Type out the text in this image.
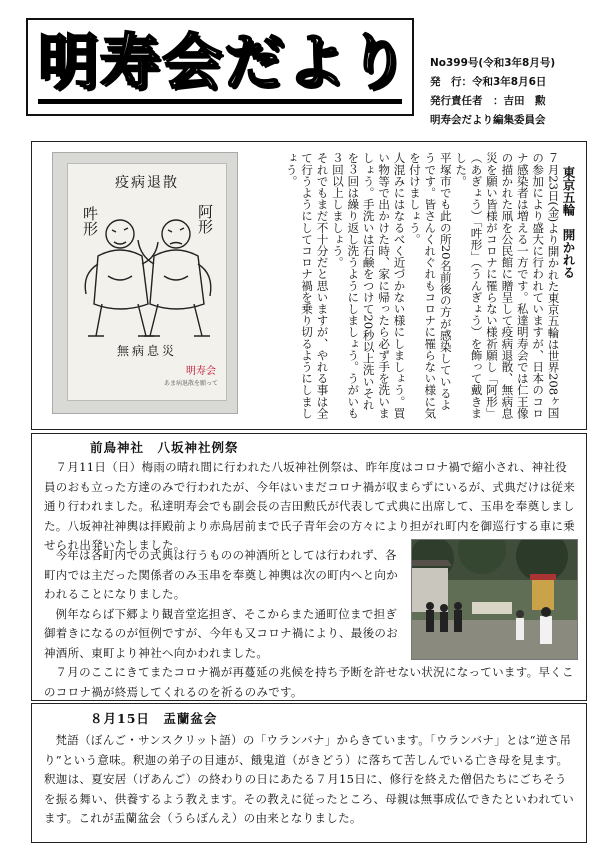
明寿会だより No399号(令和3年8月号)
発　行：令和3年8月6日
発行責任者　：吉田　勲
明寿会だより編集委員会
疫病退散
吽形	阿形
無病息災
明寿会
あま病退散を願って

東京五輪　開かれる

７月23日(金)より開かれた東京五輪は世界208ヶ国の参加により盛大に行われていますが、日本のコロナ感染者は増える一方です。私達明寿会では仁王像の描かれた凧を公民館に贈呈して疫病退散、無病息災を願い皆様がコロナに罹らない様祈願し「阿形」（あぎょう）「吽形」（うんぎょう）を飾って戴きました。

平塚市でも此の所20名前後の方が感染しているようです。皆さんくれぐれもコロナに罹らない様に気を付けましょう。

人混みにはなるべく近づかない様にしましょう。買い物等で出かけた時、家に帰ったら必ず手を洗いましょう。手洗いは石鹸をつけて20秒以上洗いそれを３回は繰り返し洗うようにしましょう。うがいも３回以上しましょう。

それでもまだ不十分だと思いますが、やれる事は全て行うようにしてコロナ禍を乗り切るようにしましょう。

前鳥神社　八坂神社例祭

７月11日（日）梅雨の晴れ間に行われた八坂神社例祭は、昨年度はコロナ禍で縮小され、神社役員のおも立った方達のみで行われたが、今年はいまだコロナ禍が収まらずにいるが、式典だけは従来通り行われました。私達明寿会でも副会長の吉田勲氏が代表して式典に出席して、玉串を奉奠しました。八坂神社神輿は拝殿前より赤鳥居前まで氏子青年会の方々により担がれ町内を御巡行する車に乗せられ出発いたしました。

今年は各町内での式典は行うものの神酒所としては行われず、各町内では主だった関係者のみ玉串を奉奠し神輿は次の町内へと向かわれることになりました。

例年ならば下郷より観音堂迄担ぎ、そこからまた通町位まで担ぎ御着きになるのが恒例ですが、今年も又コロナ禍により、最後のお神酒所、東町より神社へ向かわれました。

７月のここにきてまたコロナ禍が再蔓延の兆候を持ち予断を許せない状況になっています。早くこのコロナ禍が終焉してくれるのを祈るのみです。

８月15日　盂蘭盆会

梵語（ぼんご・サンスクリット語）の「ウランバナ」からきています。「ウランバナ」とは“逆さ吊り”という意味。釈迦の弟子の目連が、餓鬼道（がきどう）に落ちて苦しんでいる亡き母を見ます。釈迦は、夏安居（げあんご）の終わりの日にあたる７月15日に、修行を終えた僧侶たちにごちそうを振る舞い、供養するよう教えます。その教えに従ったところ、母親は無事成仏できたといわれています。これが盂蘭盆会（うらぼんえ）の由来となりました。
